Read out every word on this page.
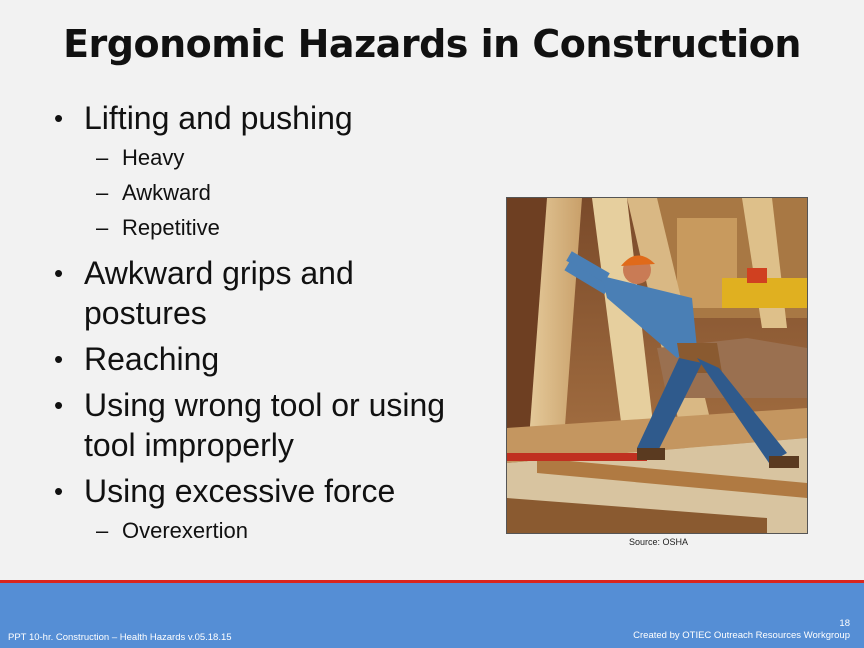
Ergonomic Hazards in Construction
• Lifting and pushing
– Heavy
– Awkward
– Repetitive
• Awkward grips and postures
• Reaching
• Using wrong tool or using tool improperly
• Using excessive force
– Overexertion	Source: OSHA
PPT 10-hr. Construction – Health Hazards v.05.18.15
18
Created by OTIEC Outreach Resources Workgroup
